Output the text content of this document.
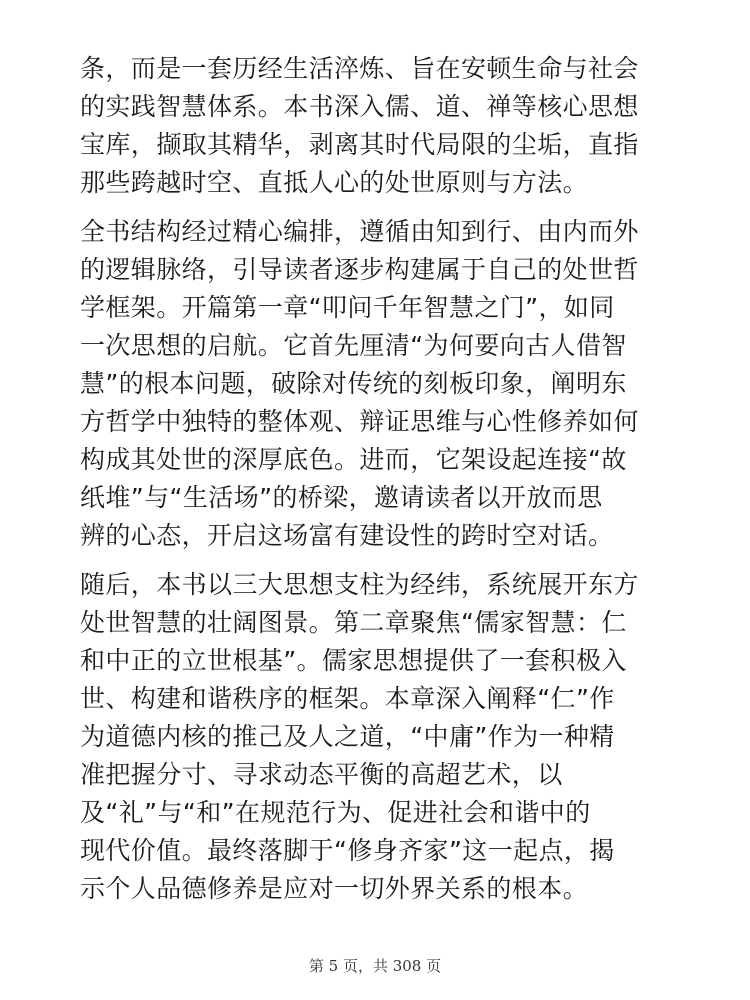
条，而是一套历经生活淬炼、旨在安顿生命与社会
的实践智慧体系。本书深入儒、道、禅等核心思想
宝库，撷取其精华，剥离其时代局限的尘垢，直指
那些跨越时空、直抵人心的处世原则与方法。

全书结构经过精心编排，遵循由知到行、由内而外
的逻辑脉络，引导读者逐步构建属于自己的处世哲
学框架。开篇第一章“叩问千年智慧之门”，如同
一次思想的启航。它首先厘清“为何要向古人借智
慧”的根本问题，破除对传统的刻板印象，阐明东
方哲学中独特的整体观、辩证思维与心性修养如何
构成其处世的深厚底色。进而，它架设起连接“故
纸堆”与“生活场”的桥梁，邀请读者以开放而思
辨的心态，开启这场富有建设性的跨时空对话。

随后，本书以三大思想支柱为经纬，系统展开东方
处世智慧的壮阔图景。第二章聚焦“儒家智慧：仁
和中正的立世根基”。儒家思想提供了一套积极入
世、构建和谐秩序的框架。本章深入阐释“仁”作
为道德内核的推己及人之道，“中庸”作为一种精
准把握分寸、寻求动态平衡的高超艺术，以
及“礼”与“和”在规范行为、促进社会和谐中的
现代价值。最终落脚于“修身齐家”这一起点，揭
示个人品德修养是应对一切外界关系的根本。

第 5 页，共 308 页
